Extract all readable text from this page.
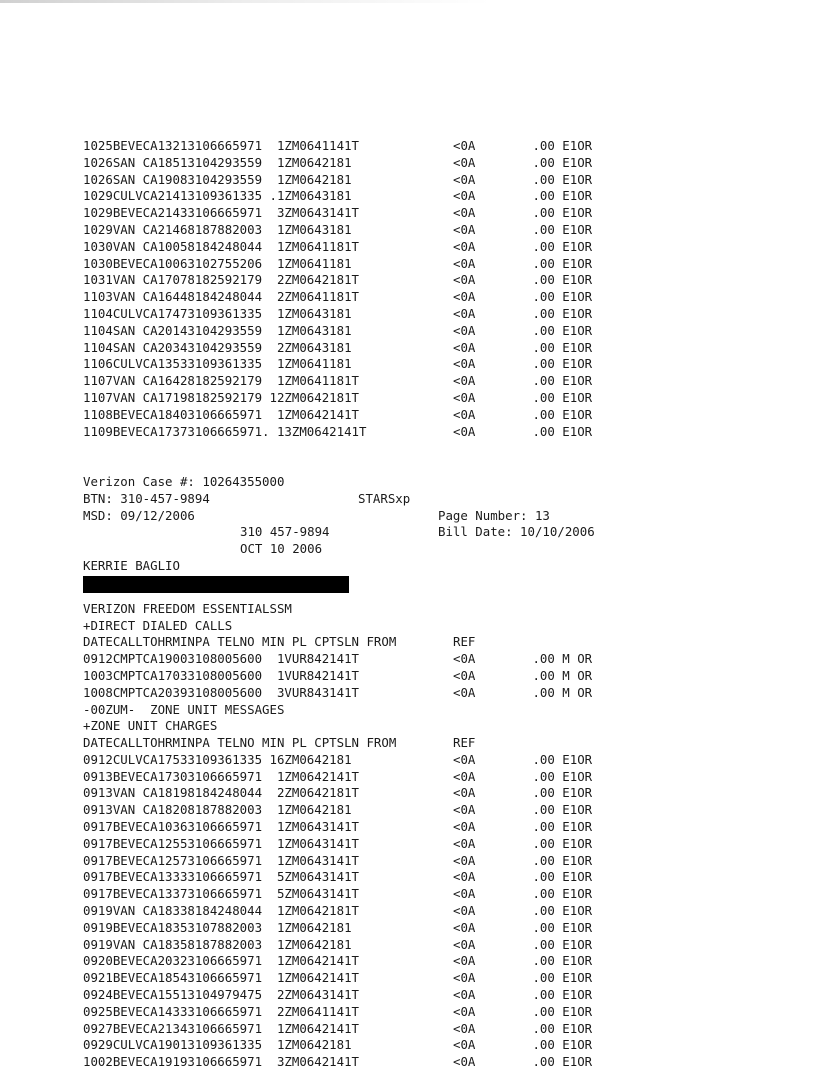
1025BEVECA13213106665971  1ZM0641141T	<0A	.00 E1OR
1026SAN CA18513104293559  1ZM0642181	<0A	.00 E1OR
1026SAN CA19083104293559  1ZM0642181	<0A	.00 E1OR
1029CULVCA21413109361335 .1ZM0643181	<0A	.00 E1OR
1029BEVECA21433106665971  3ZM0643141T	<0A	.00 E1OR
1029VAN CA21468187882003  1ZM0643181	<0A	.00 E1OR
1030VAN CA10058184248044  1ZM0641181T	<0A	.00 E1OR
1030BEVECA10063102755206  1ZM0641181	<0A	.00 E1OR
1031VAN CA17078182592179  2ZM0642181T	<0A	.00 E1OR
1103VAN CA16448184248044  2ZM0641181T	<0A	.00 E1OR
1104CULVCA17473109361335  1ZM0643181	<0A	.00 E1OR
1104SAN CA20143104293559  1ZM0643181	<0A	.00 E1OR
1104SAN CA20343104293559  2ZM0643181	<0A	.00 E1OR
1106CULVCA13533109361335  1ZM0641181	<0A	.00 E1OR
1107VAN CA16428182592179  1ZM0641181T	<0A	.00 E1OR
1107VAN CA17198182592179 12ZM0642181T	<0A	.00 E1OR
1108BEVECA18403106665971  1ZM0642141T	<0A	.00 E1OR
1109BEVECA17373106665971. 13ZM0642141T	<0A	.00 E1OR

Verizon Case #: 10264355000

STARSxp

BTN: 310-457-9894

Page Number: 13

MSD: 09/12/2006

Bill Date: 10/10/2006

310 457-9894
OCT 10 2006
KERRIE BAGLIO
VERIZON FREEDOM ESSENTIALSSM
+DIRECT DIALED CALLS
DATECALLTOHRMINPA TELNO MIN PL CPTSLN FROM	REF
0912CMPTCA19003108005600  1VUR842141T	<0A	.00 M OR
1003CMPTCA17033108005600  1VUR842141T	<0A	.00 M OR
1008CMPTCA20393108005600  3VUR843141T	<0A	.00 M OR
-00ZUM-  ZONE UNIT MESSAGES
+ZONE UNIT CHARGES
DATECALLTOHRMINPA TELNO MIN PL CPTSLN FROM	REF
0912CULVCA17533109361335 16ZM0642181	<0A	.00 E1OR
0913BEVECA17303106665971  1ZM0642141T	<0A	.00 E1OR
0913VAN CA18198184248044  2ZM0642181T	<0A	.00 E1OR
0913VAN CA18208187882003  1ZM0642181	<0A	.00 E1OR
0917BEVECA10363106665971  1ZM0643141T	<0A	.00 E1OR
0917BEVECA12553106665971  1ZM0643141T	<0A	.00 E1OR
0917BEVECA12573106665971  1ZM0643141T	<0A	.00 E1OR
0917BEVECA13333106665971  5ZM0643141T	<0A	.00 E1OR
0917BEVECA13373106665971  5ZM0643141T	<0A	.00 E1OR
0919VAN CA18338184248044  1ZM0642181T	<0A	.00 E1OR
0919BEVECA18353107882003  1ZM0642181	<0A	.00 E1OR
0919VAN CA18358187882003  1ZM0642181	<0A	.00 E1OR
0920BEVECA20323106665971  1ZM0642141T	<0A	.00 E1OR
0921BEVECA18543106665971  1ZM0642141T	<0A	.00 E1OR
0924BEVECA15513104979475  2ZM0643141T	<0A	.00 E1OR
0925BEVECA14333106665971  2ZM0641141T	<0A	.00 E1OR
0927BEVECA21343106665971  1ZM0642141T	<0A	.00 E1OR
0929CULVCA19013109361335  1ZM0642181	<0A	.00 E1OR
1002BEVECA19193106665971  3ZM0642141T	<0A	.00 E1OR
